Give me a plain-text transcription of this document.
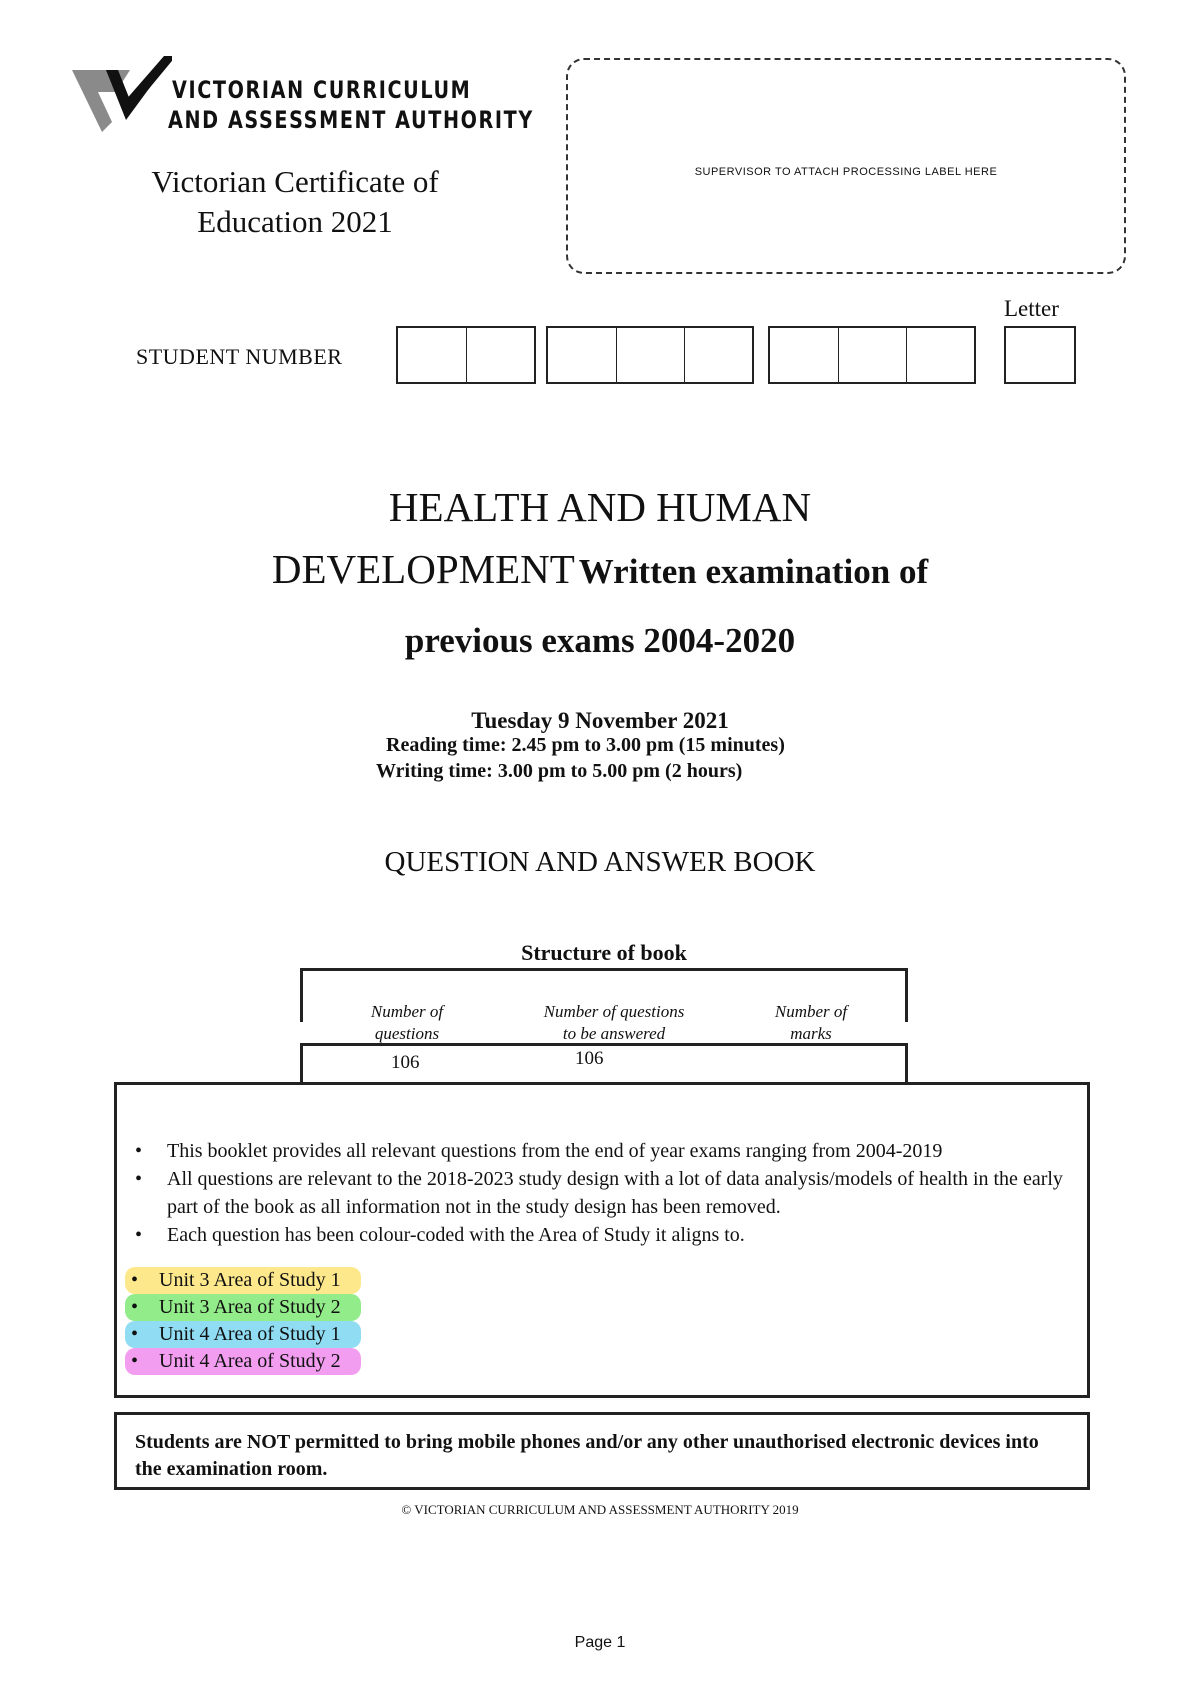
VICTORIAN CURRICULUM
AND ASSESSMENT AUTHORITY
Victorian Certificate of
Education 2021
SUPERVISOR TO ATTACH PROCESSING LABEL HERE
STUDENT NUMBER
Letter
HEALTH AND HUMAN
DEVELOPMENT Written examination of
previous exams 2004-2020
Tuesday 9 November 2021
Reading time: 2.45 pm to 3.00 pm (15 minutes)
Writing time: 3.00 pm to 5.00 pm (2 hours)
QUESTION AND ANSWER BOOK
Structure of book
Number of
questions
Number of questions
to be answered
Number of
marks
106	106
• This booklet provides all relevant questions from the end of year exams ranging from 2004-2019
• All questions are relevant to the 2018-2023 study design with a lot of data analysis/models of health in the early part of the book as all information not in the study design has been removed.
• Each question has been colour-coded with the Area of Study it aligns to.
• Unit 3 Area of Study 1
• Unit 3 Area of Study 2
• Unit 4 Area of Study 1
• Unit 4 Area of Study 2
Students are NOT permitted to bring mobile phones and/or any other unauthorised electronic devices into the examination room.
© VICTORIAN CURRICULUM AND ASSESSMENT AUTHORITY 2019
Page 1
